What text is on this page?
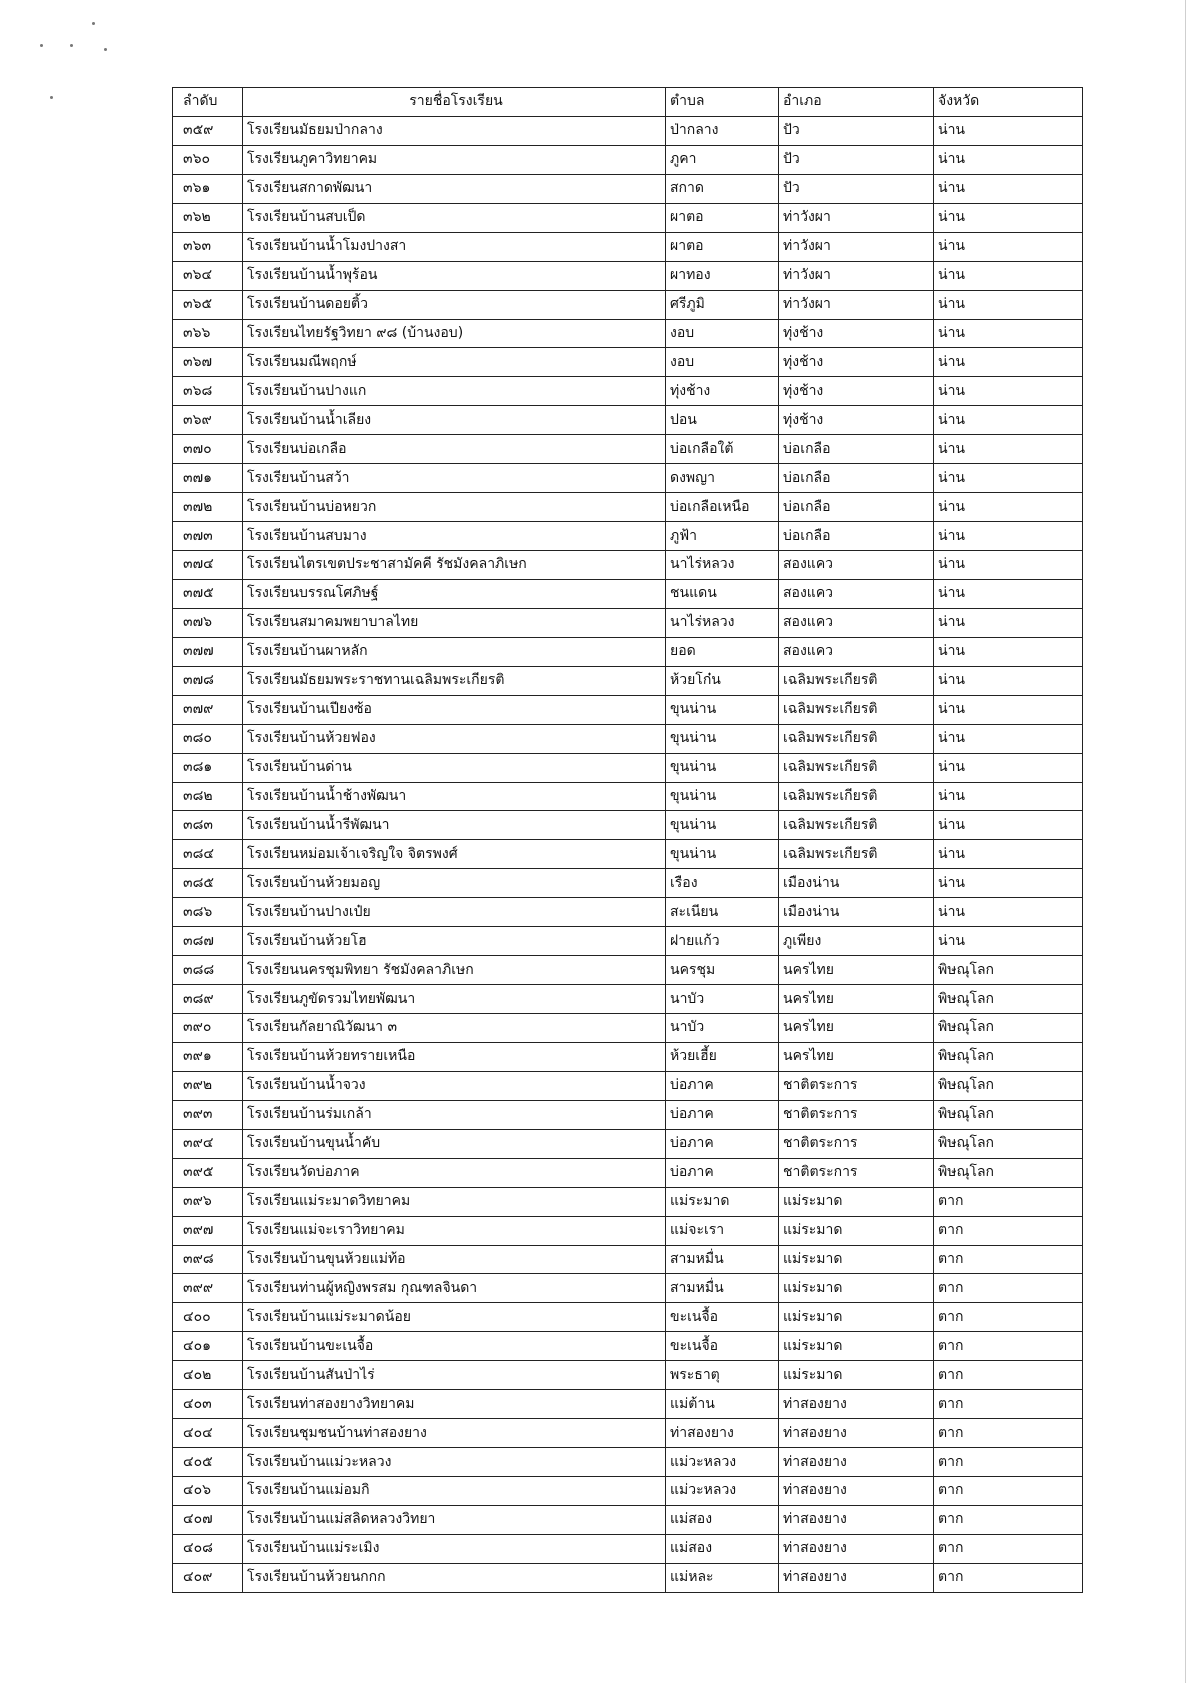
ลำดับ	รายชื่อโรงเรียน	ตำบล	อำเภอ	จังหวัด
๓๕๙	โรงเรียนมัธยมป่ากลาง	ป่ากลาง	ปัว	น่าน
๓๖๐	โรงเรียนภูคาวิทยาคม	ภูคา	ปัว	น่าน
๓๖๑	โรงเรียนสกาดพัฒนา	สกาด	ปัว	น่าน
๓๖๒	โรงเรียนบ้านสบเป็ด	ผาตอ	ท่าวังผา	น่าน
๓๖๓	โรงเรียนบ้านน้ำโมงปางสา	ผาตอ	ท่าวังผา	น่าน
๓๖๔	โรงเรียนบ้านน้ำพุร้อน	ผาทอง	ท่าวังผา	น่าน
๓๖๕	โรงเรียนบ้านดอยติ้ว	ศรีภูมิ	ท่าวังผา	น่าน
๓๖๖	โรงเรียนไทยรัฐวิทยา ๙๘ (บ้านงอบ)	งอบ	ทุ่งช้าง	น่าน
๓๖๗	โรงเรียนมณีพฤกษ์	งอบ	ทุ่งช้าง	น่าน
๓๖๘	โรงเรียนบ้านปางแก	ทุ่งช้าง	ทุ่งช้าง	น่าน
๓๖๙	โรงเรียนบ้านน้ำเลียง	ปอน	ทุ่งช้าง	น่าน
๓๗๐	โรงเรียนบ่อเกลือ	บ่อเกลือใต้	บ่อเกลือ	น่าน
๓๗๑	โรงเรียนบ้านสว้า	ดงพญา	บ่อเกลือ	น่าน
๓๗๒	โรงเรียนบ้านบ่อหยวก	บ่อเกลือเหนือ	บ่อเกลือ	น่าน
๓๗๓	โรงเรียนบ้านสบมาง	ภูฟ้า	บ่อเกลือ	น่าน
๓๗๔	โรงเรียนไตรเขตประชาสามัคคี รัชมังคลาภิเษก	นาไร่หลวง	สองแคว	น่าน
๓๗๕	โรงเรียนบรรณโศภิษฐ์	ชนแดน	สองแคว	น่าน
๓๗๖	โรงเรียนสมาคมพยาบาลไทย	นาไร่หลวง	สองแคว	น่าน
๓๗๗	โรงเรียนบ้านผาหลัก	ยอด	สองแคว	น่าน
๓๗๘	โรงเรียนมัธยมพระราชทานเฉลิมพระเกียรติ	ห้วยโก๋น	เฉลิมพระเกียรติ	น่าน
๓๗๙	โรงเรียนบ้านเปียงซ้อ	ขุนน่าน	เฉลิมพระเกียรติ	น่าน
๓๘๐	โรงเรียนบ้านห้วยฟอง	ขุนน่าน	เฉลิมพระเกียรติ	น่าน
๓๘๑	โรงเรียนบ้านด่าน	ขุนน่าน	เฉลิมพระเกียรติ	น่าน
๓๘๒	โรงเรียนบ้านน้ำช้างพัฒนา	ขุนน่าน	เฉลิมพระเกียรติ	น่าน
๓๘๓	โรงเรียนบ้านน้ำรีพัฒนา	ขุนน่าน	เฉลิมพระเกียรติ	น่าน
๓๘๔	โรงเรียนหม่อมเจ้าเจริญใจ จิตรพงศ์	ขุนน่าน	เฉลิมพระเกียรติ	น่าน
๓๘๕	โรงเรียนบ้านห้วยมอญ	เรือง	เมืองน่าน	น่าน
๓๘๖	โรงเรียนบ้านปางเป๋ย	สะเนียน	เมืองน่าน	น่าน
๓๘๗	โรงเรียนบ้านห้วยโฮ	ฝายแก้ว	ภูเพียง	น่าน
๓๘๘	โรงเรียนนครชุมพิทยา รัชมังคลาภิเษก	นครชุม	นครไทย	พิษณุโลก
๓๘๙	โรงเรียนภูขัดรวมไทยพัฒนา	นาบัว	นครไทย	พิษณุโลก
๓๙๐	โรงเรียนกัลยาณิวัฒนา ๓	นาบัว	นครไทย	พิษณุโลก
๓๙๑	โรงเรียนบ้านห้วยทรายเหนือ	ห้วยเฮี้ย	นครไทย	พิษณุโลก
๓๙๒	โรงเรียนบ้านน้ำจวง	บ่อภาค	ชาติตระการ	พิษณุโลก
๓๙๓	โรงเรียนบ้านร่มเกล้า	บ่อภาค	ชาติตระการ	พิษณุโลก
๓๙๔	โรงเรียนบ้านขุนน้ำคับ	บ่อภาค	ชาติตระการ	พิษณุโลก
๓๙๕	โรงเรียนวัดบ่อภาค	บ่อภาค	ชาติตระการ	พิษณุโลก
๓๙๖	โรงเรียนแม่ระมาดวิทยาคม	แม่ระมาด	แม่ระมาด	ตาก
๓๙๗	โรงเรียนแม่จะเราวิทยาคม	แม่จะเรา	แม่ระมาด	ตาก
๓๙๘	โรงเรียนบ้านขุนห้วยแม่ท้อ	สามหมื่น	แม่ระมาด	ตาก
๓๙๙	โรงเรียนท่านผู้หญิงพรสม กุณฑลจินดา	สามหมื่น	แม่ระมาด	ตาก
๔๐๐	โรงเรียนบ้านแม่ระมาดน้อย	ขะเนจื้อ	แม่ระมาด	ตาก
๔๐๑	โรงเรียนบ้านขะเนจื้อ	ขะเนจื้อ	แม่ระมาด	ตาก
๔๐๒	โรงเรียนบ้านสันป่าไร่	พระธาตุ	แม่ระมาด	ตาก
๔๐๓	โรงเรียนท่าสองยางวิทยาคม	แม่ต้าน	ท่าสองยาง	ตาก
๔๐๔	โรงเรียนชุมชนบ้านท่าสองยาง	ท่าสองยาง	ท่าสองยาง	ตาก
๔๐๕	โรงเรียนบ้านแม่วะหลวง	แม่วะหลวง	ท่าสองยาง	ตาก
๔๐๖	โรงเรียนบ้านแม่อมกิ	แม่วะหลวง	ท่าสองยาง	ตาก
๔๐๗	โรงเรียนบ้านแม่สลิดหลวงวิทยา	แม่สอง	ท่าสองยาง	ตาก
๔๐๘	โรงเรียนบ้านแม่ระเมิง	แม่สอง	ท่าสองยาง	ตาก
๔๐๙	โรงเรียนบ้านห้วยนกกก	แม่หละ	ท่าสองยาง	ตาก
